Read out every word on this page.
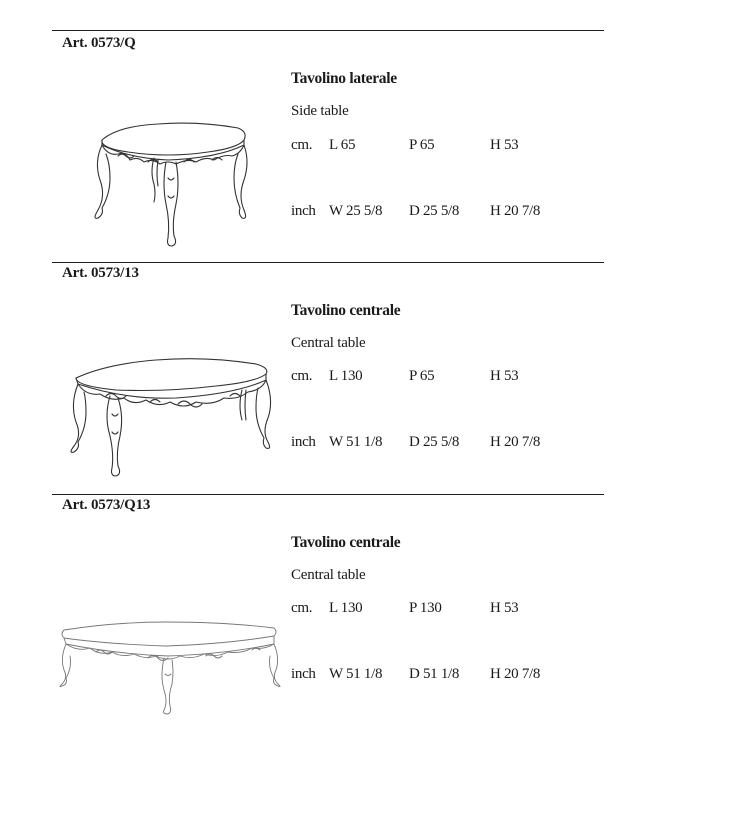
Art. 0573/Q
Tavolino laterale
Side table
cm. L 65	P 65	H 53
inch W 25 5/8 D 25 5/8 H 20 7/8
Art. 0573/13
Tavolino centrale
Central table
cm. L 130	P 65	H 53
inch W 51 1/8 D 25 5/8 H 20 7/8
Art. 0573/Q13
Tavolino centrale
Central table
cm. L 130	P 130	H 53
inch W 51 1/8 D 51 1/8 H 20 7/8
